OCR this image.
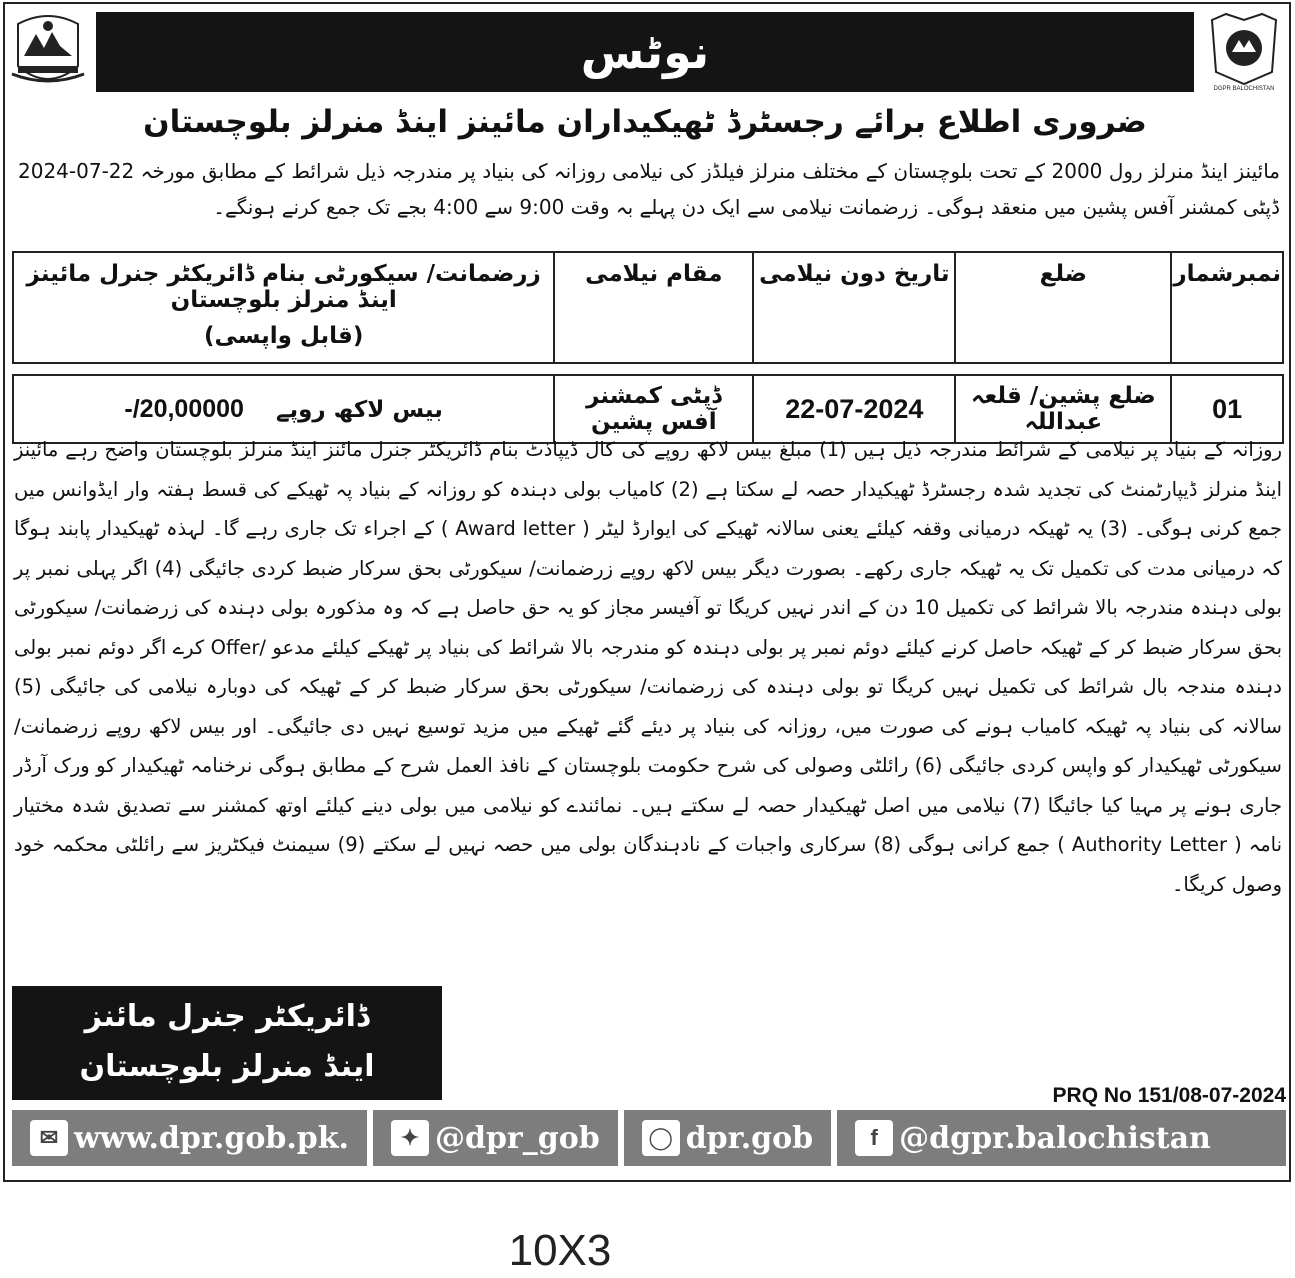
نوٹس
DGPR BALOCHISTAN
ضروری اطلاع برائے رجسٹرڈ ٹھیکیداران مائینز اینڈ منرلز بلوچستان
مائینز اینڈ منرلز رول 2000 کے تحت بلوچستان کے مختلف منرلز فیلڈز کی نیلامی روزانہ کی بنیاد پر مندرجہ ذیل شرائط کے مطابق مورخہ 22-07-2024 ڈپٹی کمشنر آفس پشین میں منعقد ہوگی۔ زرضمانت نیلامی سے ایک دن پہلے بہ وقت 9:00 سے 4:00 بجے تک جمع کرنے ہونگے۔
نمبرشمار	ضلع	تاریخ دون نیلامی	مقام نیلامی	زرضمانت/ سیکورٹی بنام ڈائریکٹر جنرل مائینز اینڈ منرلز بلوچستان
(قابل واپسی)

01	ضلع پشین/ قلعہ عبداللہ	22-07-2024	ڈپٹی کمشنر آفس پشین	بیس لاکھ روپے    20,00000/-
روزانہ کے بنیاد پر نیلامی کے شرائط مندرجہ ذیل ہیں (1) مبلغ بیس لاکھ روپے کی کال ڈیپاذٹ بنام ڈائریکٹر جنرل مائنز اینڈ منرلز بلوچستان واضح رہے مائینز اینڈ منرلز ڈیپارٹمنٹ کی تجدید شدہ رجسٹرڈ ٹھیکیدار حصہ لے سکتا ہے (2) کامیاب بولی دہندہ کو روزانہ کے بنیاد پہ ٹھیکے کی قسط ہفتہ وار ایڈوانس میں جمع کرنی ہوگی۔ (3) یہ ٹھیکہ درمیانی وقفہ کیلئے یعنی سالانہ ٹھیکے کی ایوارڈ لیٹر ( Award letter ) کے اجراء تک جاری رہے گا۔ لہذہ ٹھیکیدار پابند ہوگا کہ درمیانی مدت کی تکمیل تک یہ ٹھیکہ جاری رکھے۔ بصورت دیگر بیس لاکھ روپے زرضمانت/ سیکورٹی بحق سرکار ضبط کردی جائیگی (4) اگر پہلی نمبر پر بولی دہندہ مندرجہ بالا شرائط کی تکمیل 10 دن کے اندر نہیں کریگا تو آفیسر مجاز کو یہ حق حاصل ہے کہ وہ مذکورہ بولی دہندہ کی زرضمانت/ سیکورٹی بحق سرکار ضبط کر کے ٹھیکہ حاصل کرنے کیلئے دوئم نمبر پر بولی دہندہ کو مندرجہ بالا شرائط کی بنیاد پر ٹھیکے کیلئے مدعو /Offer کرے اگر دوئم نمبر بولی دہندہ مندجہ بال شرائط کی تکمیل نہیں کریگا تو بولی دہندہ کی زرضمانت/ سیکورٹی بحق سرکار ضبط کر کے ٹھیکہ کی دوبارہ نیلامی کی جائیگی (5) سالانہ کی بنیاد پہ ٹھیکہ کامیاب ہونے کی صورت میں، روزانہ کی بنیاد پر دیئے گئے ٹھیکے میں مزید توسیع نہیں دی جائیگی۔ اور بیس لاکھ روپے زرضمانت/ سیکورٹی ٹھیکیدار کو واپس کردی جائیگی (6) رائلٹی وصولی کی شرح حکومت بلوچستان کے نافذ العمل شرح کے مطابق ہوگی نرخنامہ ٹھیکیدار کو ورک آرڈر جاری ہونے پر مہیا کیا جائیگا (7) نیلامی میں اصل ٹھیکیدار حصہ لے سکتے ہیں۔ نمائندے کو نیلامی میں بولی دینے کیلئے اوتھ کمشنر سے تصدیق شدہ مختیار نامہ ( Authority Letter ) جمع کرانی ہوگی (8) سرکاری واجبات کے نادہندگان بولی میں حصہ نہیں لے سکتے (9) سیمنٹ فیکٹریز سے رائلٹی محکمہ خود وصول کریگا۔
ڈائریکٹر جنرل مائنز
اینڈ منرلز بلوچستان
PRQ No 151/08-07-2024
✉ www.dpr.gob.pk.	✦ @dpr_gob	◯ dpr.gob	f @dgpr.balochistan
10X3
